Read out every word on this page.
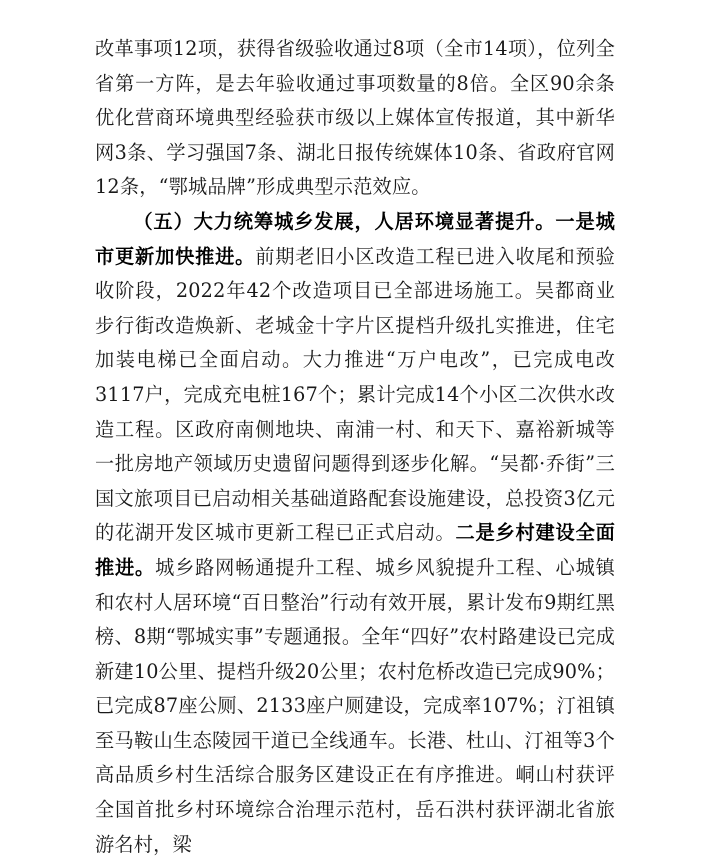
改革事项12项，获得省级验收通过8项（全市14项），位列全省第一方阵，是去年验收通过事项数量的8倍。全区90余条优化营商环境典型经验获市级以上媒体宣传报道，其中新华网3条、学习强国7条、湖北日报传统媒体10条、省政府官网12条，“鄂城品牌”形成典型示范效应。

（五）大力统筹城乡发展，人居环境显著提升。一是城市更新加快推进。前期老旧小区改造工程已进入收尾和预验收阶段，2022年42个改造项目已全部进场施工。吴都商业步行街改造焕新、老城金十字片区提档升级扎实推进，住宅加装电梯已全面启动。大力推进“万户电改”，已完成电改3117户，完成充电桩167个；累计完成14个小区二次供水改造工程。区政府南侧地块、南浦一村、和天下、嘉裕新城等一批房地产领域历史遗留问题得到逐步化解。“吴都·乔街”三国文旅项目已启动相关基础道路配套设施建设，总投资3亿元的花湖开发区城市更新工程已正式启动。二是乡村建设全面推进。城乡路网畅通提升工程、城乡风貌提升工程、心城镇和农村人居环境“百日整治”行动有效开展，累计发布9期红黑榜、8期“鄂城实事”专题通报。全年“四好”农村路建设已完成新建10公里、提档升级20公里；农村危桥改造已完成90%；已完成87座公厕、2133座户厕建设，完成率107%；汀祖镇至马鞍山生态陵园干道已全线通车。长港、杜山、汀祖等3个高品质乡村生活综合服务区建设正在有序推进。峒山村获评全国首批乡村环境综合治理示范村，岳石洪村获评湖北省旅游名村，梁
